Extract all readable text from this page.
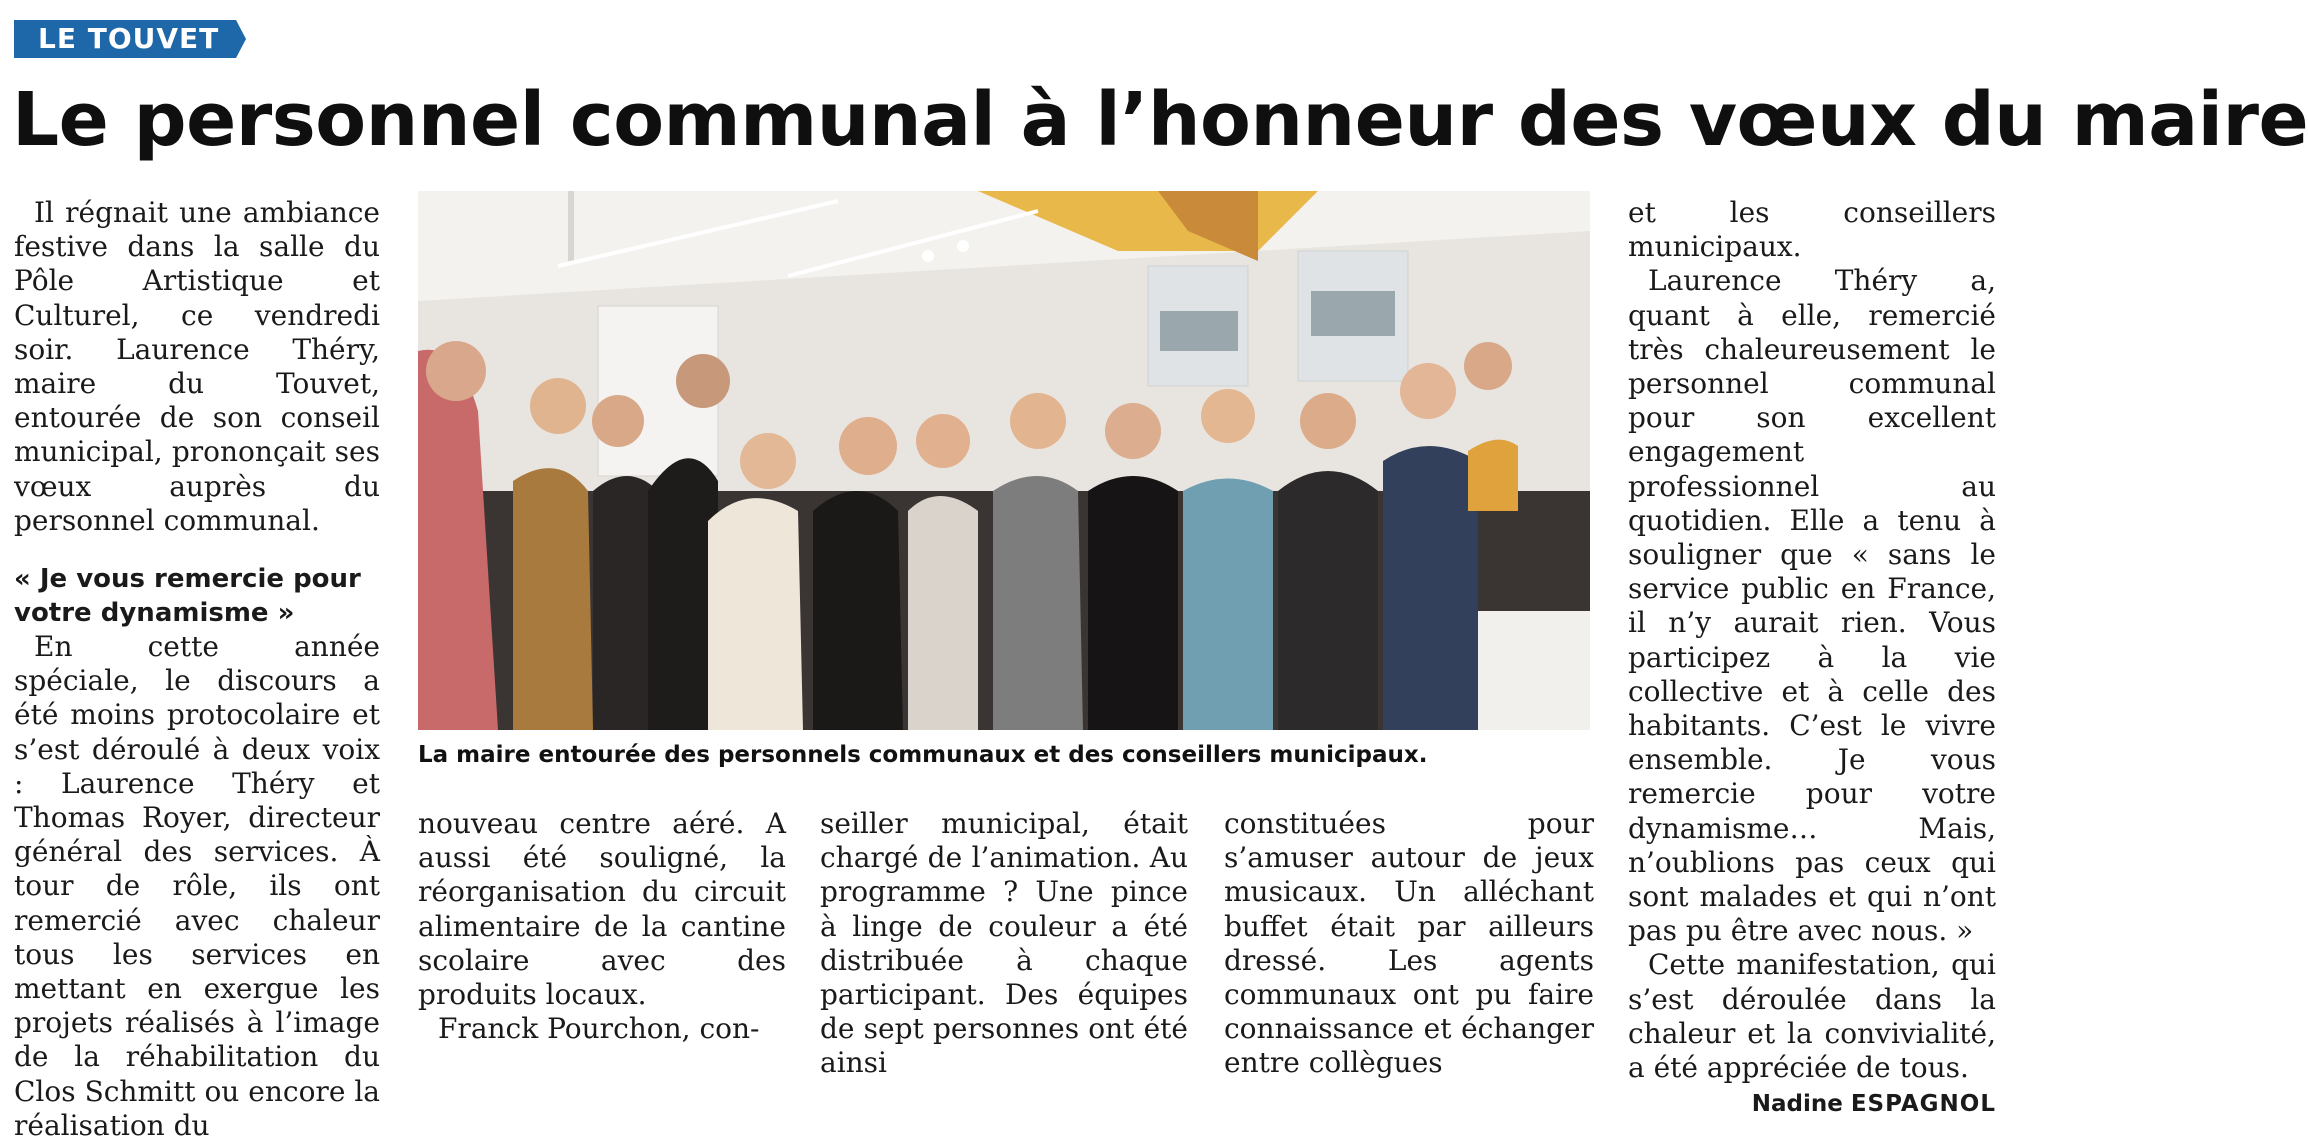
LE TOUVET
Le personnel communal à l’honneur des vœux du maire

Il régnait une ambiance festive dans la salle du Pôle Artistique et Culturel, ce vendredi soir. Laurence Théry, maire du Touvet, entourée de son conseil municipal, prononçait ses vœux auprès du personnel communal.

« Je vous remercie pour votre dynamisme »

En cette année spéciale, le discours a été moins protocolaire et s’est déroulé à deux voix : Laurence Théry et Thomas Royer, directeur général des services. À tour de rôle, ils ont remercié avec chaleur tous les services en mettant en exergue les projets réalisés à l’image de la réhabilitation du Clos Schmitt ou encore la réalisation du

La maire entourée des personnels communaux et des conseillers municipaux.

nouveau centre aéré. A aussi été souligné, la réorganisation du circuit alimentaire de la cantine scolaire avec des produits locaux.

Franck Pourchon, con-

seiller municipal, était chargé de l’animation. Au programme ? Une pince à linge de couleur a été distribuée à chaque participant. Des équipes de sept personnes ont été ainsi

constituées pour s’amuser autour de jeux musicaux. Un alléchant buffet était par ailleurs dressé. Les agents communaux ont pu faire connaissance et échanger entre collègues

et les conseillers municipaux.

Laurence Théry a, quant à elle, remercié très chaleureusement le personnel communal pour son excellent engagement professionnel au quotidien. Elle a tenu à souligner que « sans le service public en France, il n’y aurait rien. Vous participez à la vie collective et à celle des habitants. C’est le vivre ensemble. Je vous remercie pour votre dynamisme… Mais, n’oublions pas ceux qui sont malades et qui n’ont pas pu être avec nous. »

Cette manifestation, qui s’est déroulée dans la chaleur et la convivialité, a été appréciée de tous.

Nadine ESPAGNOL
